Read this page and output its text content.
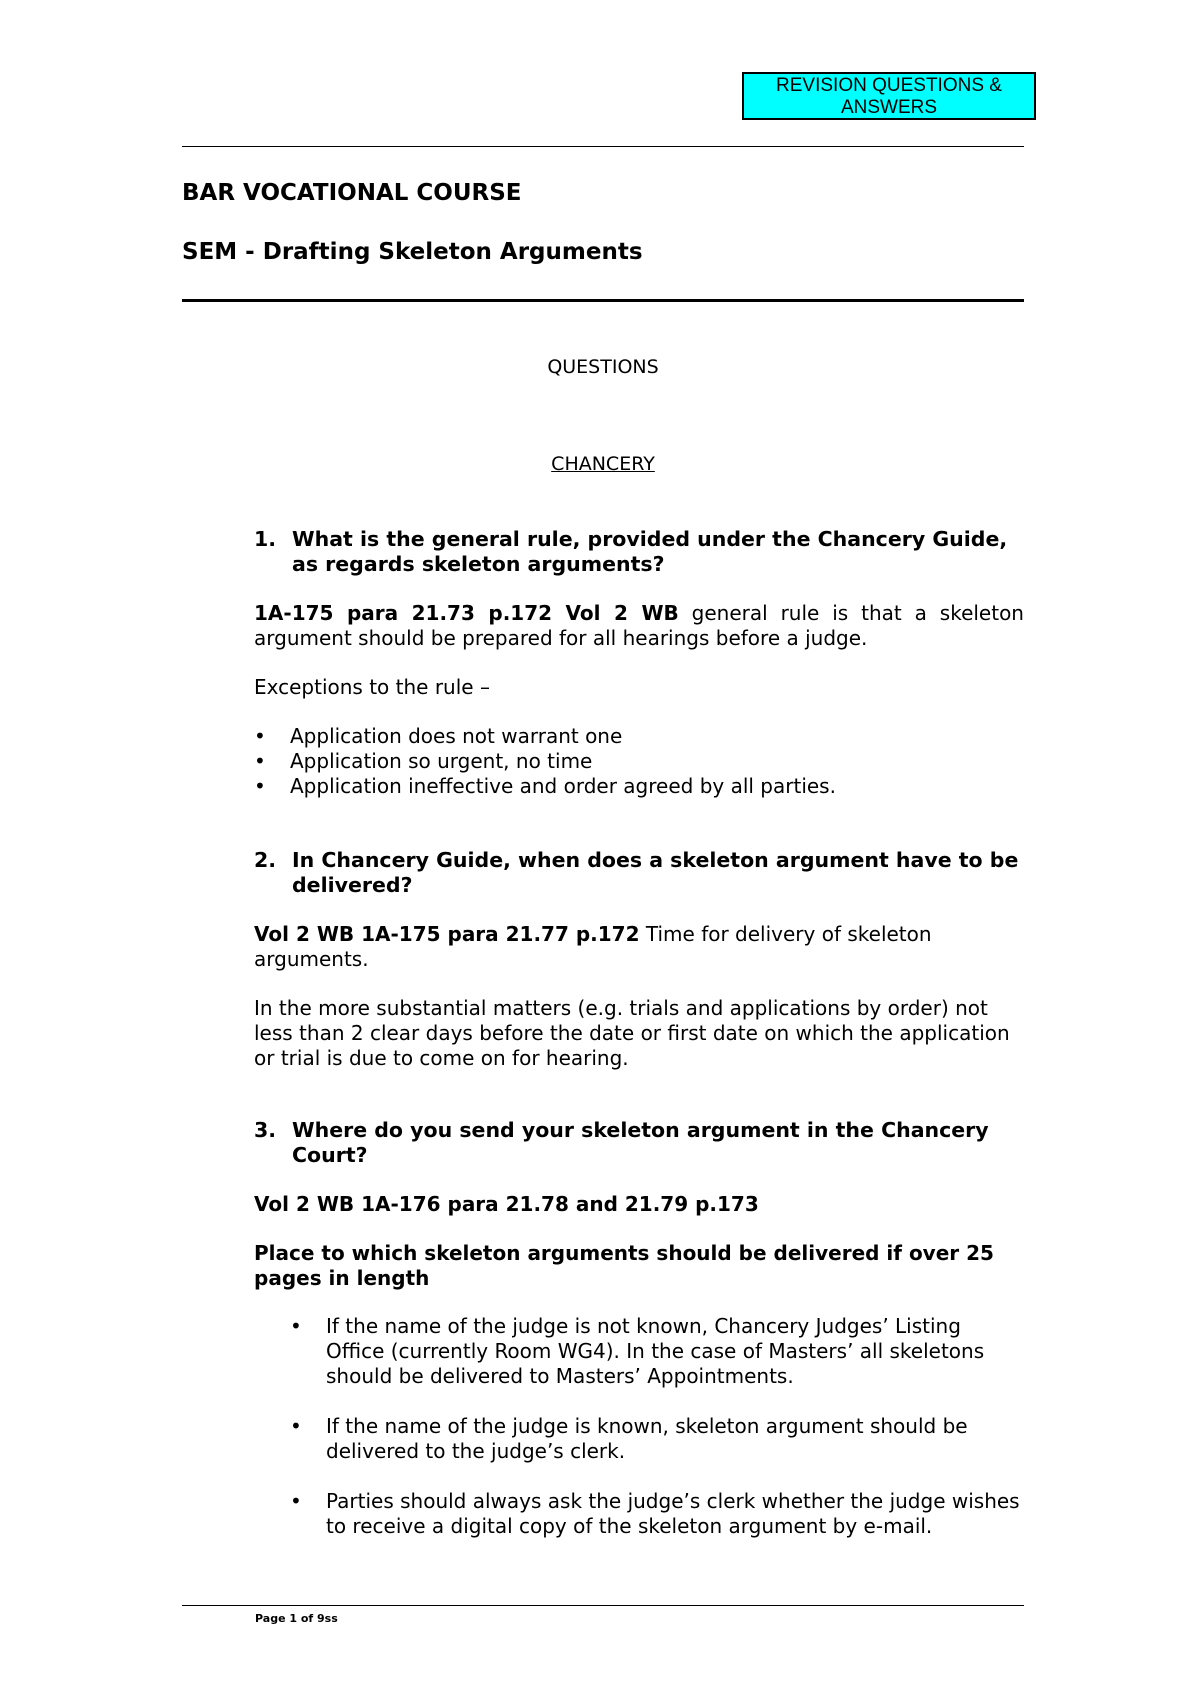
REVISION QUESTIONS & ANSWERS
BAR VOCATIONAL COURSE
SEM - Drafting Skeleton Arguments
QUESTIONS
CHANCERY
1. What is the general rule, provided under the Chancery Guide, as regards skeleton arguments?
1A-175 para 21.73 p.172 Vol 2 WB general rule is that a skeleton argument should be prepared for all hearings before a judge.
Exceptions to the rule –
• Application does not warrant one
• Application so urgent, no time
• Application ineffective and order agreed by all parties.
2. In Chancery Guide, when does a skeleton argument have to be delivered?
Vol 2 WB 1A-175 para 21.77 p.172 Time for delivery of skeleton arguments.
In the more substantial matters (e.g. trials and applications by order) not less than 2 clear days before the date or first date on which the application or trial is due to come on for hearing.
3. Where do you send your skeleton argument in the Chancery Court?
Vol 2 WB 1A-176 para 21.78 and 21.79 p.173
Place to which skeleton arguments should be delivered if over 25 pages in length
• If the name of the judge is not known, Chancery Judges’ Listing Office (currently Room WG4). In the case of Masters’ all skeletons should be delivered to Masters’ Appointments.
• If the name of the judge is known, skeleton argument should be delivered to the judge’s clerk.
• Parties should always ask the judge’s clerk whether the judge wishes to receive a digital copy of the skeleton argument by e-mail.
Page 1 of 9ss
